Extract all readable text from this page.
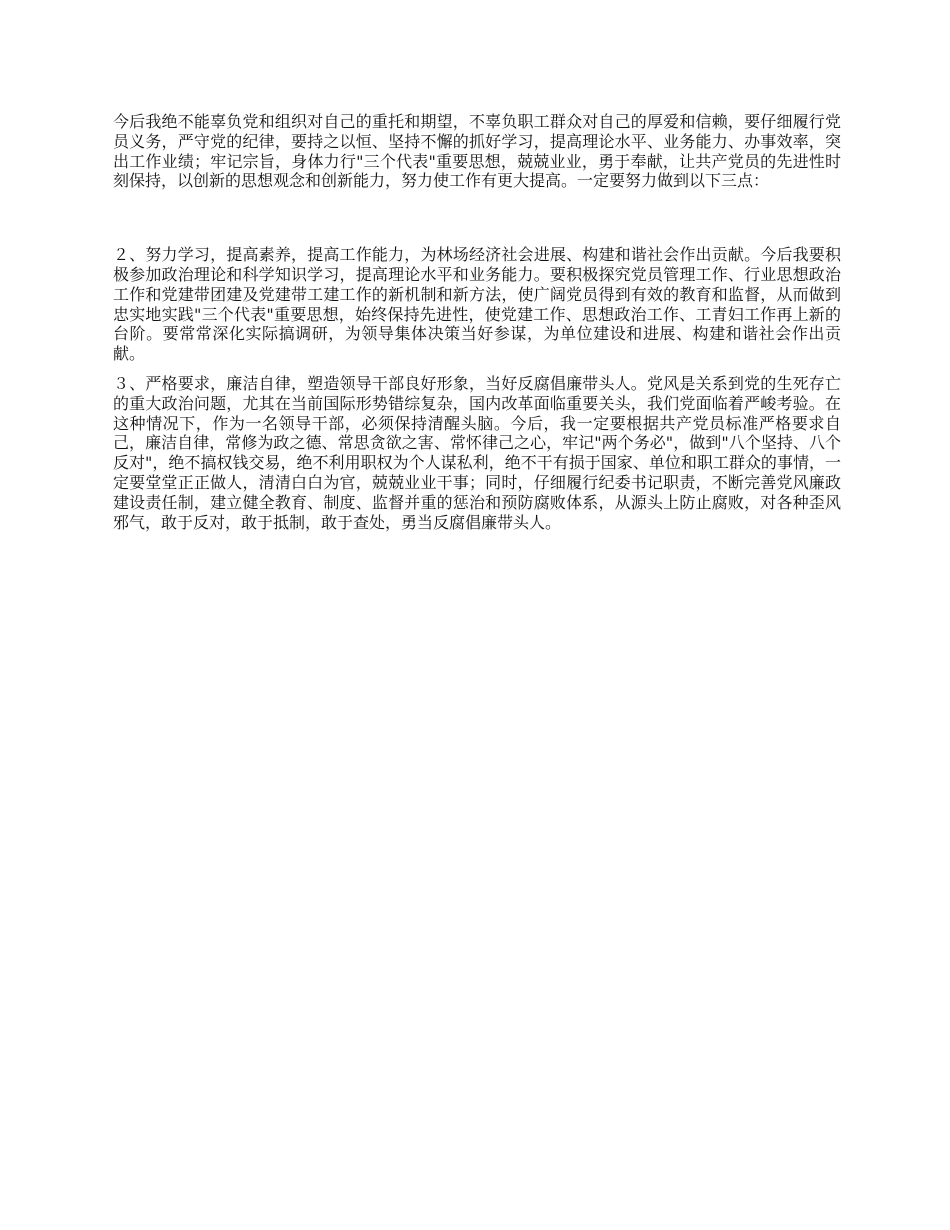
今后我绝不能辜负党和组织对自己的重托和期望，不辜负职工群众对自己的厚爱和信赖，要仔细履行党员义务，严守党的纪律，要持之以恒、坚持不懈的抓好学习，提高理论水平、业务能力、办事效率，突出工作业绩；牢记宗旨，身体力行"三个代表"重要思想，兢兢业业，勇于奉献，让共产党员的先进性时刻保持，以创新的思想观念和创新能力，努力使工作有更大提高。一定要努力做到以下三点：

２、努力学习，提高素养，提高工作能力，为林场经济社会进展、构建和谐社会作出贡献。今后我要积极参加政治理论和科学知识学习，提高理论水平和业务能力。要积极探究党员管理工作、行业思想政治工作和党建带团建及党建带工建工作的新机制和新方法，使广阔党员得到有效的教育和监督，从而做到忠实地实践"三个代表"重要思想，始终保持先进性，使党建工作、思想政治工作、工青妇工作再上新的台阶。要常常深化实际搞调研，为领导集体决策当好参谋，为单位建设和进展、构建和谐社会作出贡献。

３、严格要求，廉洁自律，塑造领导干部良好形象，当好反腐倡廉带头人。党风是关系到党的生死存亡的重大政治问题，尤其在当前国际形势错综复杂，国内改革面临重要关头，我们党面临着严峻考验。在这种情况下，作为一名领导干部，必须保持清醒头脑。今后，我一定要根据共产党员标准严格要求自己，廉洁自律，常修为政之德、常思贪欲之害、常怀律己之心，牢记"两个务必"，做到"八个坚持、八个反对"，绝不搞权钱交易，绝不利用职权为个人谋私利，绝不干有损于国家、单位和职工群众的事情，一定要堂堂正正做人，清清白白为官，兢兢业业干事；同时，仔细履行纪委书记职责，不断完善党风廉政建设责任制，建立健全教育、制度、监督并重的惩治和预防腐败体系，从源头上防止腐败，对各种歪风邪气，敢于反对，敢于抵制，敢于查处，勇当反腐倡廉带头人。
